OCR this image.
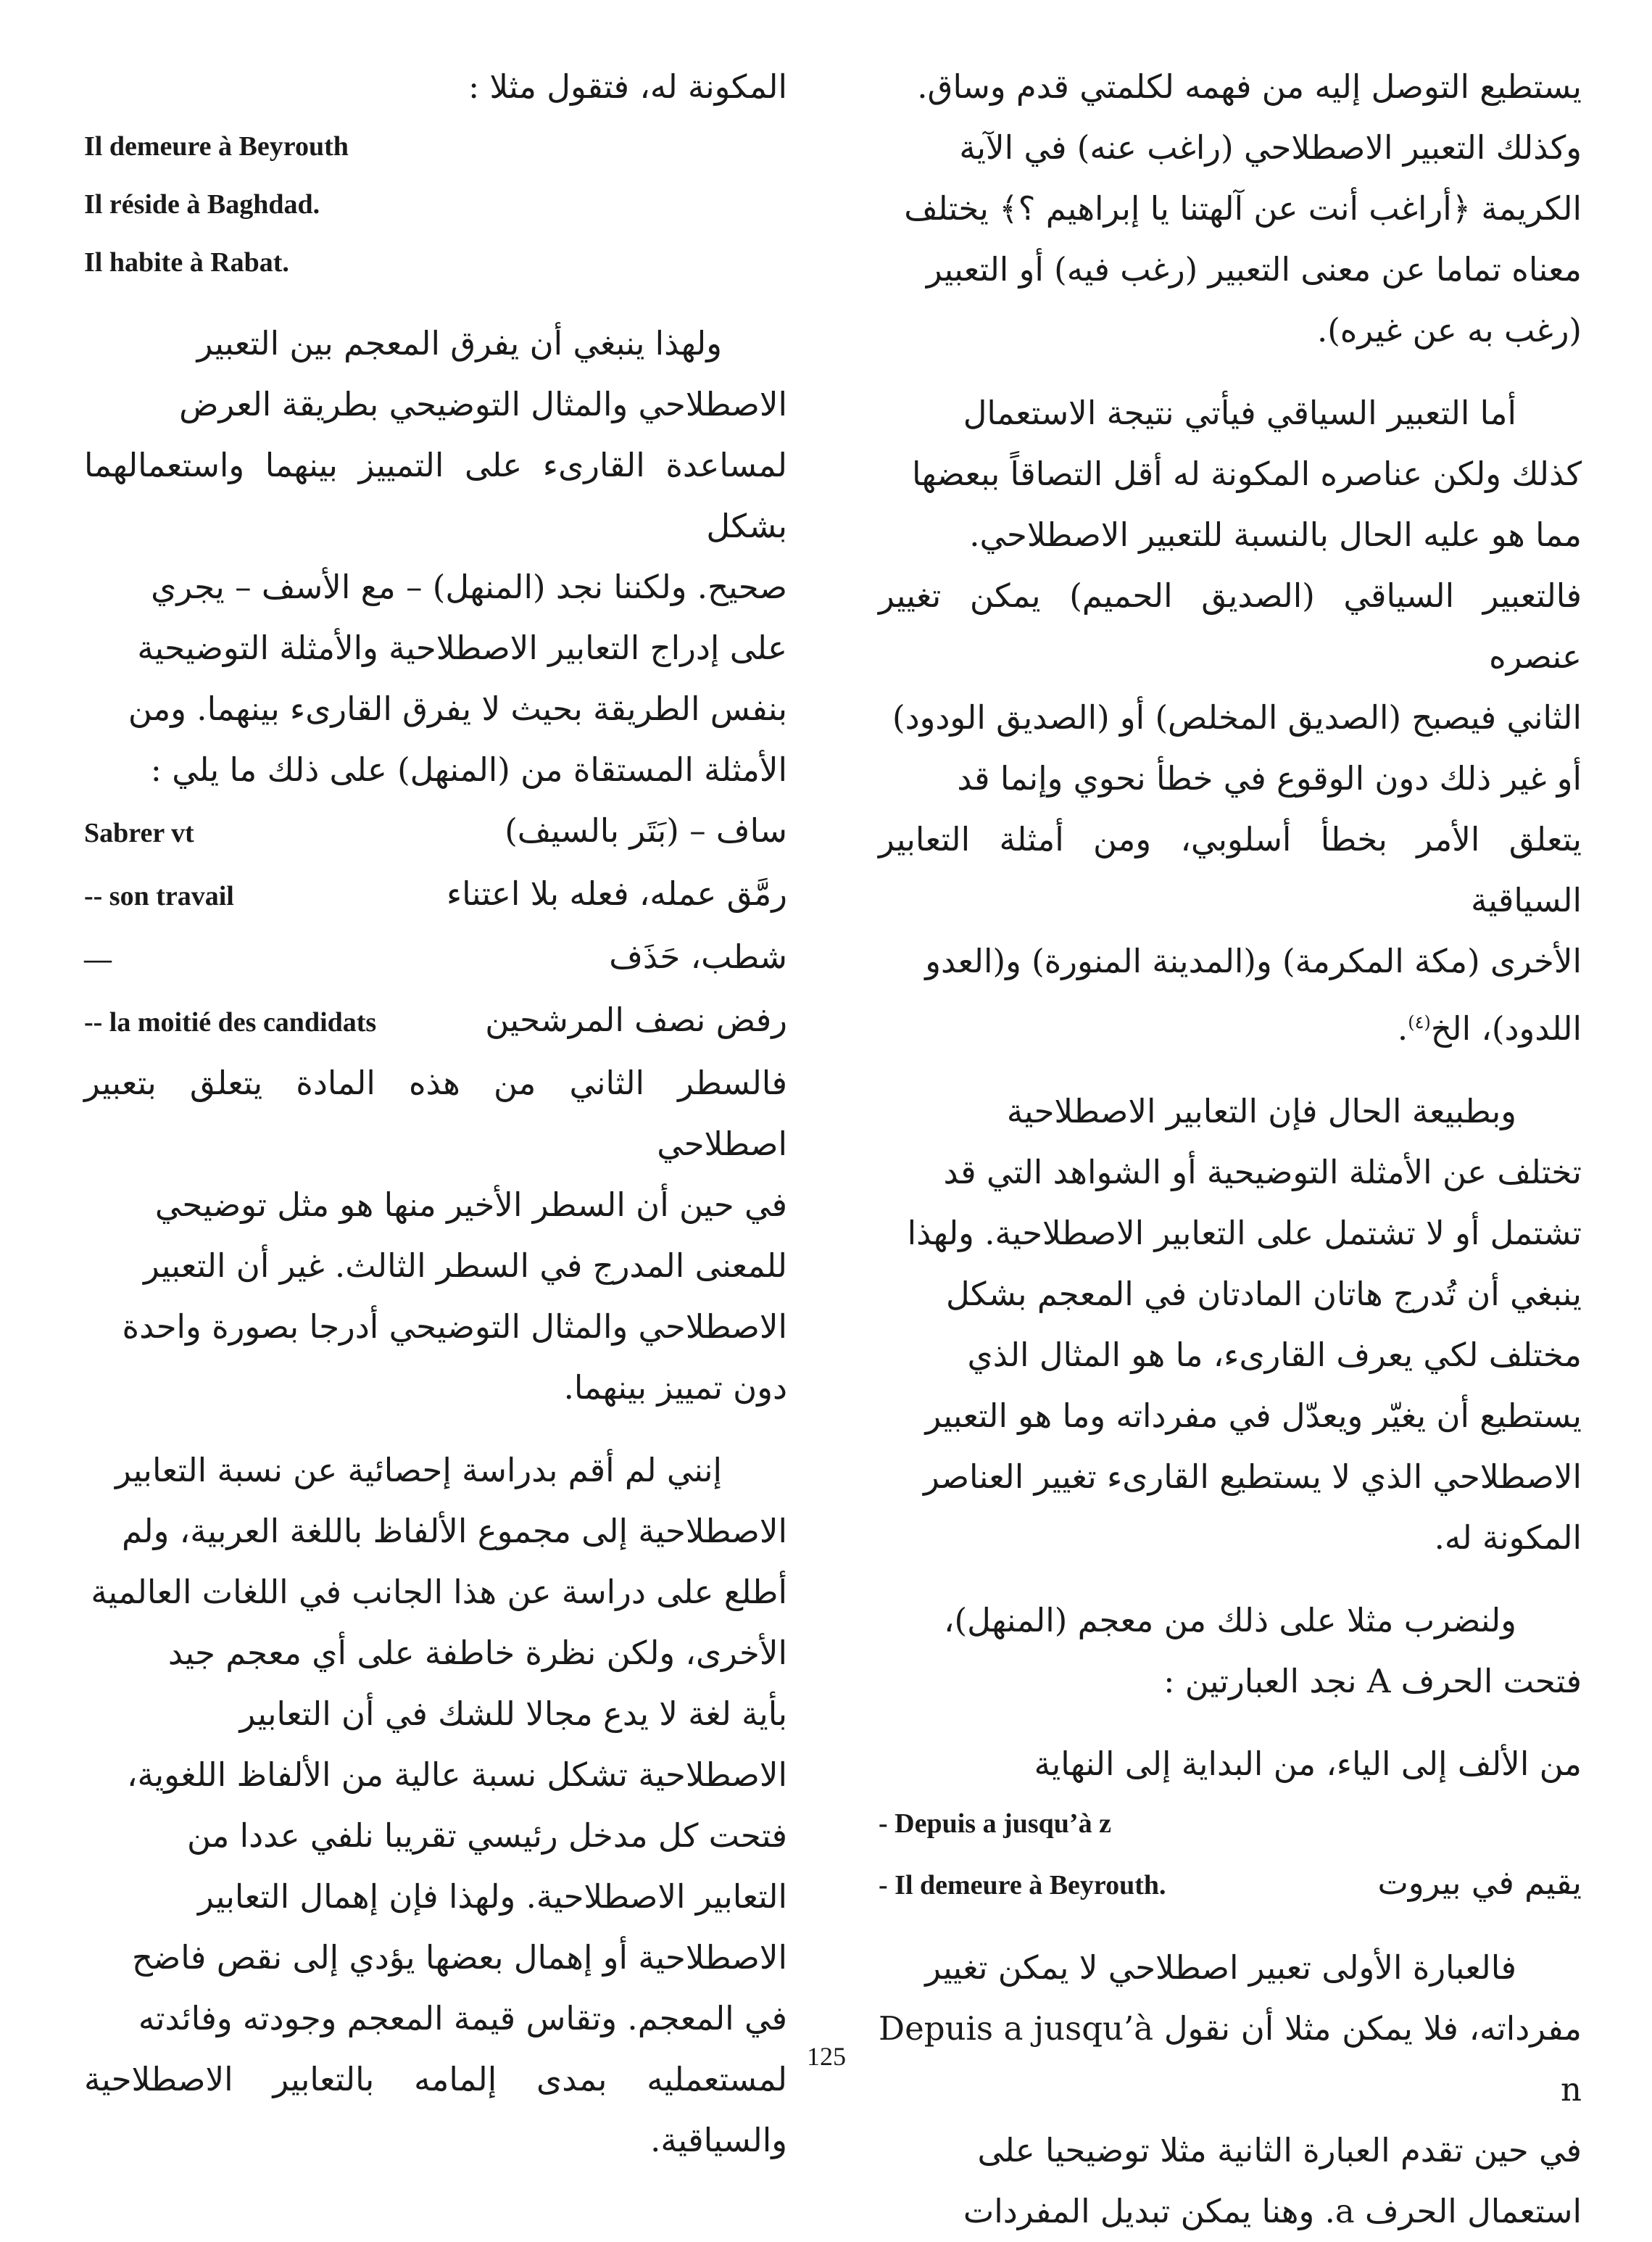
يستطيع التوصل إليه من فهمه لكلمتي قدم وساق.
وكذلك التعبير الاصطلاحي (راغب عنه) في الآية
الكريمة ﴿أراغب أنت عن آلهتنا يا إبراهيم ؟﴾ يختلف
معناه تماما عن معنى التعبير (رغب فيه) أو التعبير
(رغب به عن غيره).
أما التعبير السياقي فيأتي نتيجة الاستعمال
كذلك ولكن عناصره المكونة له أقل التصاقاً ببعضها
مما هو عليه الحال بالنسبة للتعبير الاصطلاحي.
فالتعبير السياقي (الصديق الحميم) يمكن تغيير عنصره
الثاني فيصبح (الصديق المخلص) أو (الصديق الودود)
أو غير ذلك دون الوقوع في خطأ نحوي وإنما قد
يتعلق الأمر بخطأ أسلوبي، ومن أمثلة التعابير السياقية
الأخرى (مكة المكرمة) و(المدينة المنورة) و(العدو
اللدود)، الخ$^{(٤)}$.
وبطبيعة الحال فإن التعابير الاصطلاحية
تختلف عن الأمثلة التوضيحية أو الشواهد التي قد
تشتمل أو لا تشتمل على التعابير الاصطلاحية. ولهذا
ينبغي أن تُدرج هاتان المادتان في المعجم بشكل
مختلف لكي يعرف القارىء، ما هو المثال الذي
يستطيع أن يغيّر ويعدّل في مفرداته وما هو التعبير
الاصطلاحي الذي لا يستطيع القارىء تغيير العناصر
المكونة له.
ولنضرب مثلا على ذلك من معجم (المنهل)،
فتحت الحرف A نجد العبارتين :
من الألف إلى الياء، من البداية إلى النهاية

- Depuis a jusqu’à z

يقيم في بيروت
- Il demeure à Beyrouth.
فالعبارة الأولى تعبير اصطلاحي لا يمكن تغيير
مفرداته، فلا يمكن مثلا أن نقول Depuis a jusqu’à n
في حين تقدم العبارة الثانية مثلا توضيحيا على
استعمال الحرف a. وهنا يمكن تبديل المفردات
المكونة له، فتقول مثلا :

Il demeure à Beyrouth

Il réside à Baghdad.

Il habite à Rabat.

ولهذا ينبغي أن يفرق المعجم بين التعبير
الاصطلاحي والمثال التوضيحي بطريقة العرض
لمساعدة القارىء على التمييز بينهما واستعمالهما بشكل
صحيح. ولكننا نجد (المنهل) – مع الأسف – يجري
على إدراج التعابير الاصطلاحية والأمثلة التوضيحية
بنفس الطريقة بحيث لا يفرق القارىء بينهما. ومن
الأمثلة المستقاة من (المنهل) على ذلك ما يلي :
ساف – (بَتَر بالسيف)
Sabrer vt
رمَّق عمله، فعله بلا اعتناء
-- son travail
شطب، حَذَف
—
رفض نصف المرشحين
-- la moitié des candidats
فالسطر الثاني من هذه المادة يتعلق بتعبير اصطلاحي
في حين أن السطر الأخير منها هو مثل توضيحي
للمعنى المدرج في السطر الثالث. غير أن التعبير
الاصطلاحي والمثال التوضيحي أدرجا بصورة واحدة
دون تمييز بينهما.
إنني لم أقم بدراسة إحصائية عن نسبة التعابير
الاصطلاحية إلى مجموع الألفاظ باللغة العربية، ولم
أطلع على دراسة عن هذا الجانب في اللغات العالمية
الأخرى، ولكن نظرة خاطفة على أي معجم جيد
بأية لغة لا يدع مجالا للشك في أن التعابير
الاصطلاحية تشكل نسبة عالية من الألفاظ اللغوية،
فتحت كل مدخل رئيسي تقريبا نلفي عددا من
التعابير الاصطلاحية. ولهذا فإن إهمال التعابير
الاصطلاحية أو إهمال بعضها يؤدي إلى نقص فاضح
في المعجم. وتقاس قيمة المعجم وجودته وفائدته
لمستعمليه بمدى إلمامه بالتعابير الاصطلاحية والسياقية.
125
